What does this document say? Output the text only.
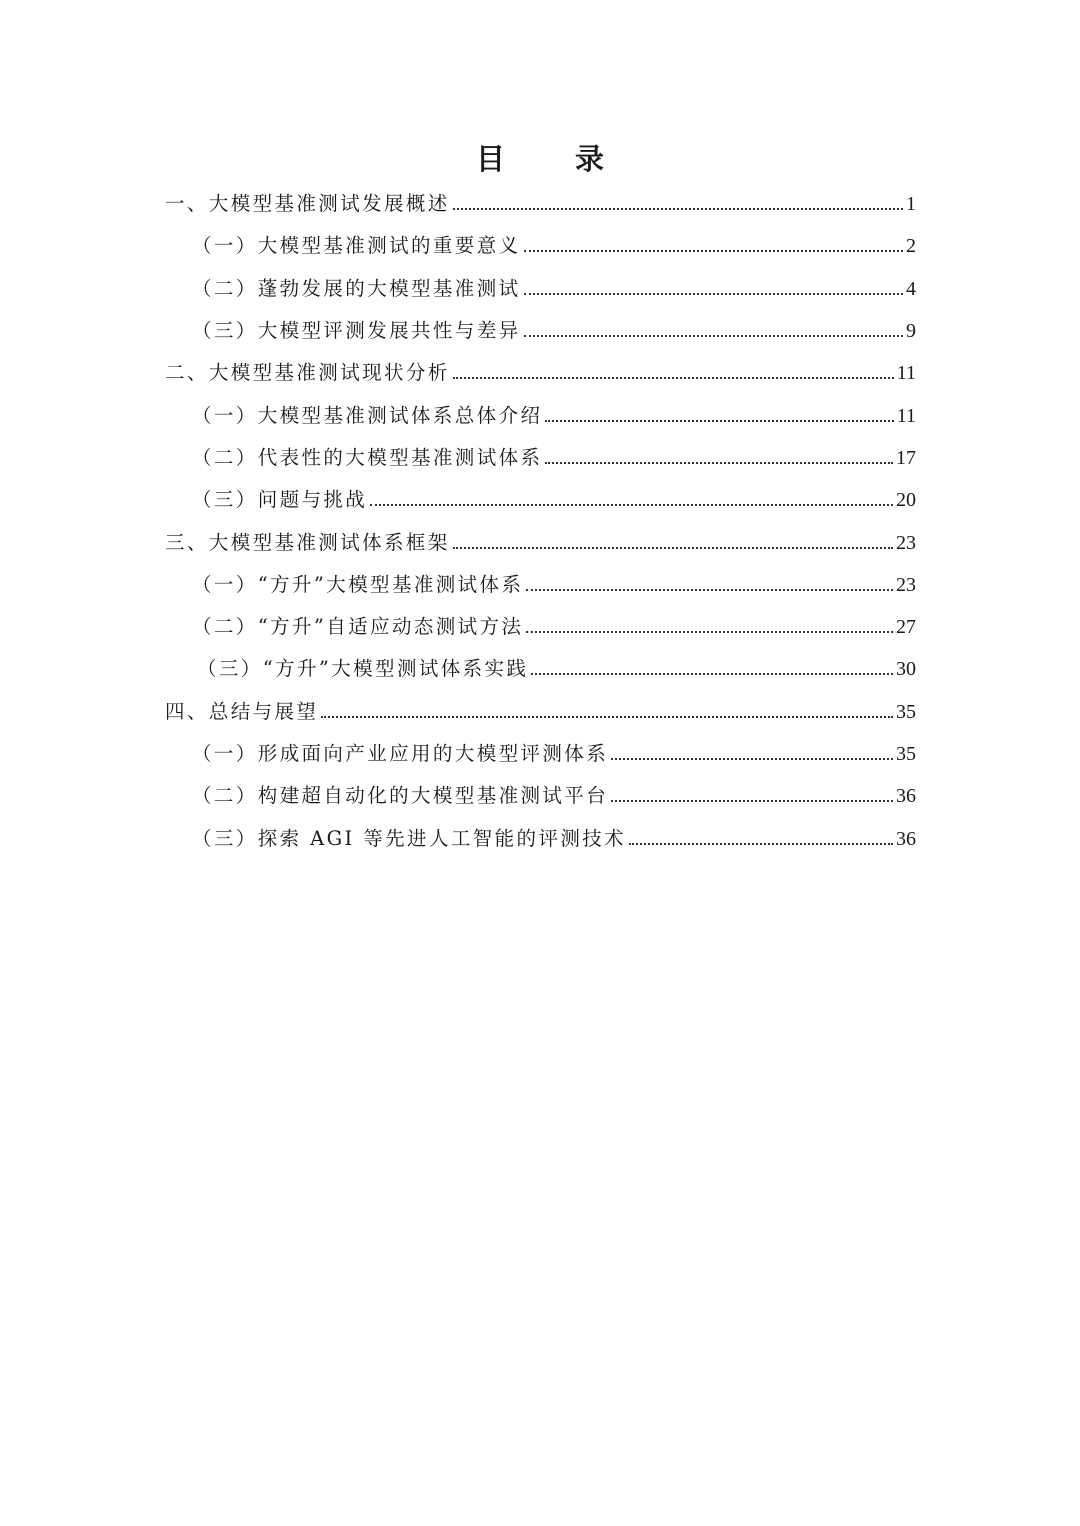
目 录
一、大模型基准测试发展概述	1
（一）大模型基准测试的重要意义	2
（二）蓬勃发展的大模型基准测试	4
（三）大模型评测发展共性与差异	9
二、大模型基准测试现状分析	11
（一）大模型基准测试体系总体介绍	11
（二）代表性的大模型基准测试体系	17
（三）问题与挑战	20
三、大模型基准测试体系框架	23
（一）“方升”大模型基准测试体系	23
（二）“方升”自适应动态测试方法	27
（三）“方升”大模型测试体系实践	30
四、总结与展望	35
（一）形成面向产业应用的大模型评测体系	35
（二）构建超自动化的大模型基准测试平台	36
（三）探索 AGI 等先进人工智能的评测技术	36
